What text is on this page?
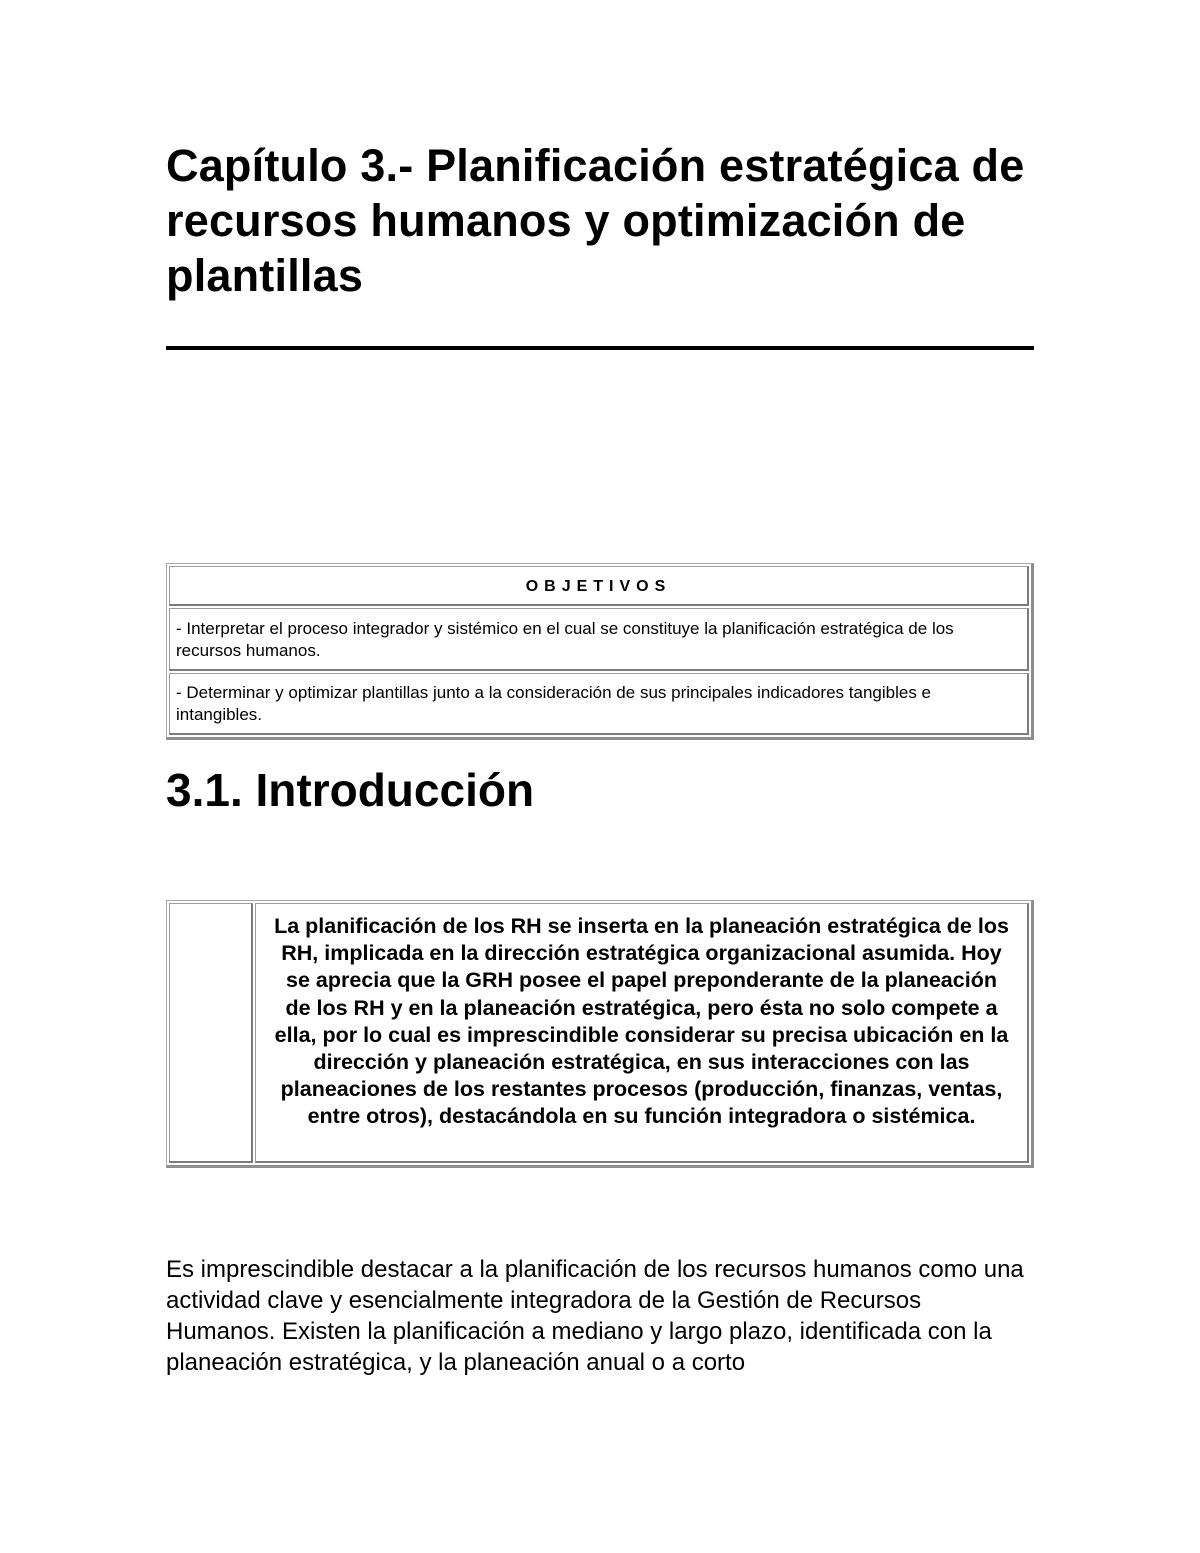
Capítulo 3.- Planificación estratégica de recursos humanos y optimización de plantillas
OBJETIVOS
- Interpretar el proceso integrador y sistémico en el cual se constituye la planificación estratégica de los recursos humanos.
- Determinar y optimizar plantillas junto a la consideración de sus principales indicadores tangibles e intangibles.
3.1. Introducción
La planificación de los RH se inserta en la planeación estratégica de los RH, implicada en la dirección estratégica organizacional asumida. Hoy se aprecia que la GRH posee el papel preponderante de la planeación de los RH y en la planeación estratégica, pero ésta no solo compete a ella, por lo cual es imprescindible considerar su precisa ubicación en la dirección y planeación estratégica, en sus interacciones con las planeaciones de los restantes procesos (producción, finanzas, ventas, entre otros), destacándola en su función integradora o sistémica.

Es imprescindible destacar a la planificación de los recursos humanos como una actividad clave y esencialmente integradora de la Gestión de Recursos Humanos. Existen la planificación a mediano y largo plazo, identificada con la planeación estratégica, y la planeación anual o a corto
